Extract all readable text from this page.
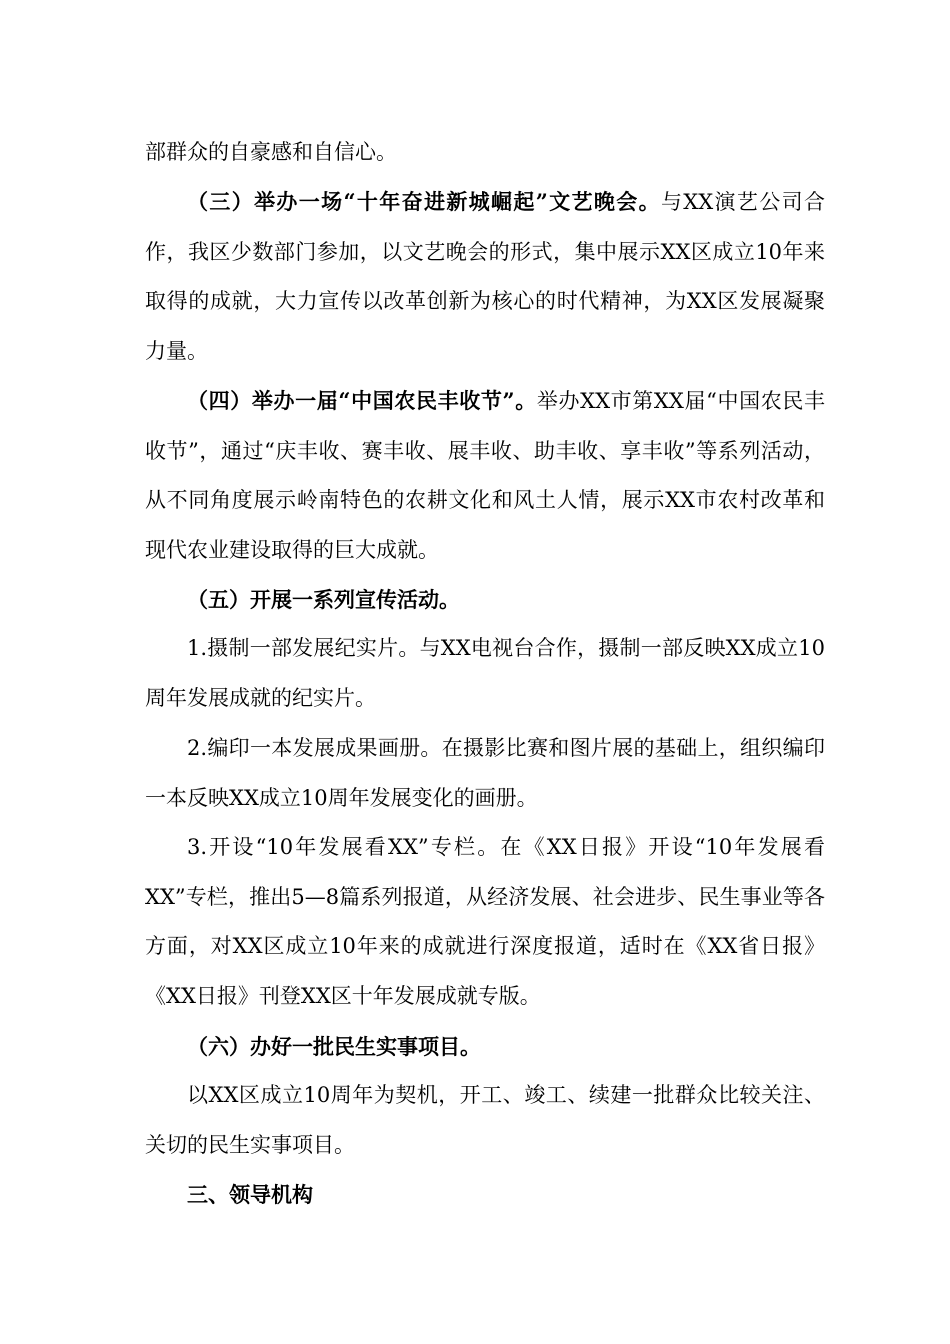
部群众的自豪感和自信心。

（三）举办一场“十年奋进新城崛起”文艺晚会。与XX演艺公司合作，我区少数部门参加，以文艺晚会的形式，集中展示XX区成立10年来取得的成就，大力宣传以改革创新为核心的时代精神，为XX区发展凝聚力量。

（四）举办一届“中国农民丰收节”。举办XX市第XX届“中国农民丰收节”，通过“庆丰收、赛丰收、展丰收、助丰收、享丰收”等系列活动，从不同角度展示岭南特色的农耕文化和风土人情，展示XX市农村改革和现代农业建设取得的巨大成就。

（五）开展一系列宣传活动。

1.摄制一部发展纪实片。与XX电视台合作，摄制一部反映XX成立10周年发展成就的纪实片。

2.编印一本发展成果画册。在摄影比赛和图片展的基础上，组织编印一本反映XX成立10周年发展变化的画册。

3.开设“10年发展看XX”专栏。在《XX日报》开设“10年发展看XX”专栏，推出5—8篇系列报道，从经济发展、社会进步、民生事业等各方面，对XX区成立10年来的成就进行深度报道，适时在《XX省日报》《XX日报》刊登XX区十年发展成就专版。

（六）办好一批民生实事项目。

以XX区成立10周年为契机，开工、竣工、续建一批群众比较关注、关切的民生实事项目。

三、领导机构
